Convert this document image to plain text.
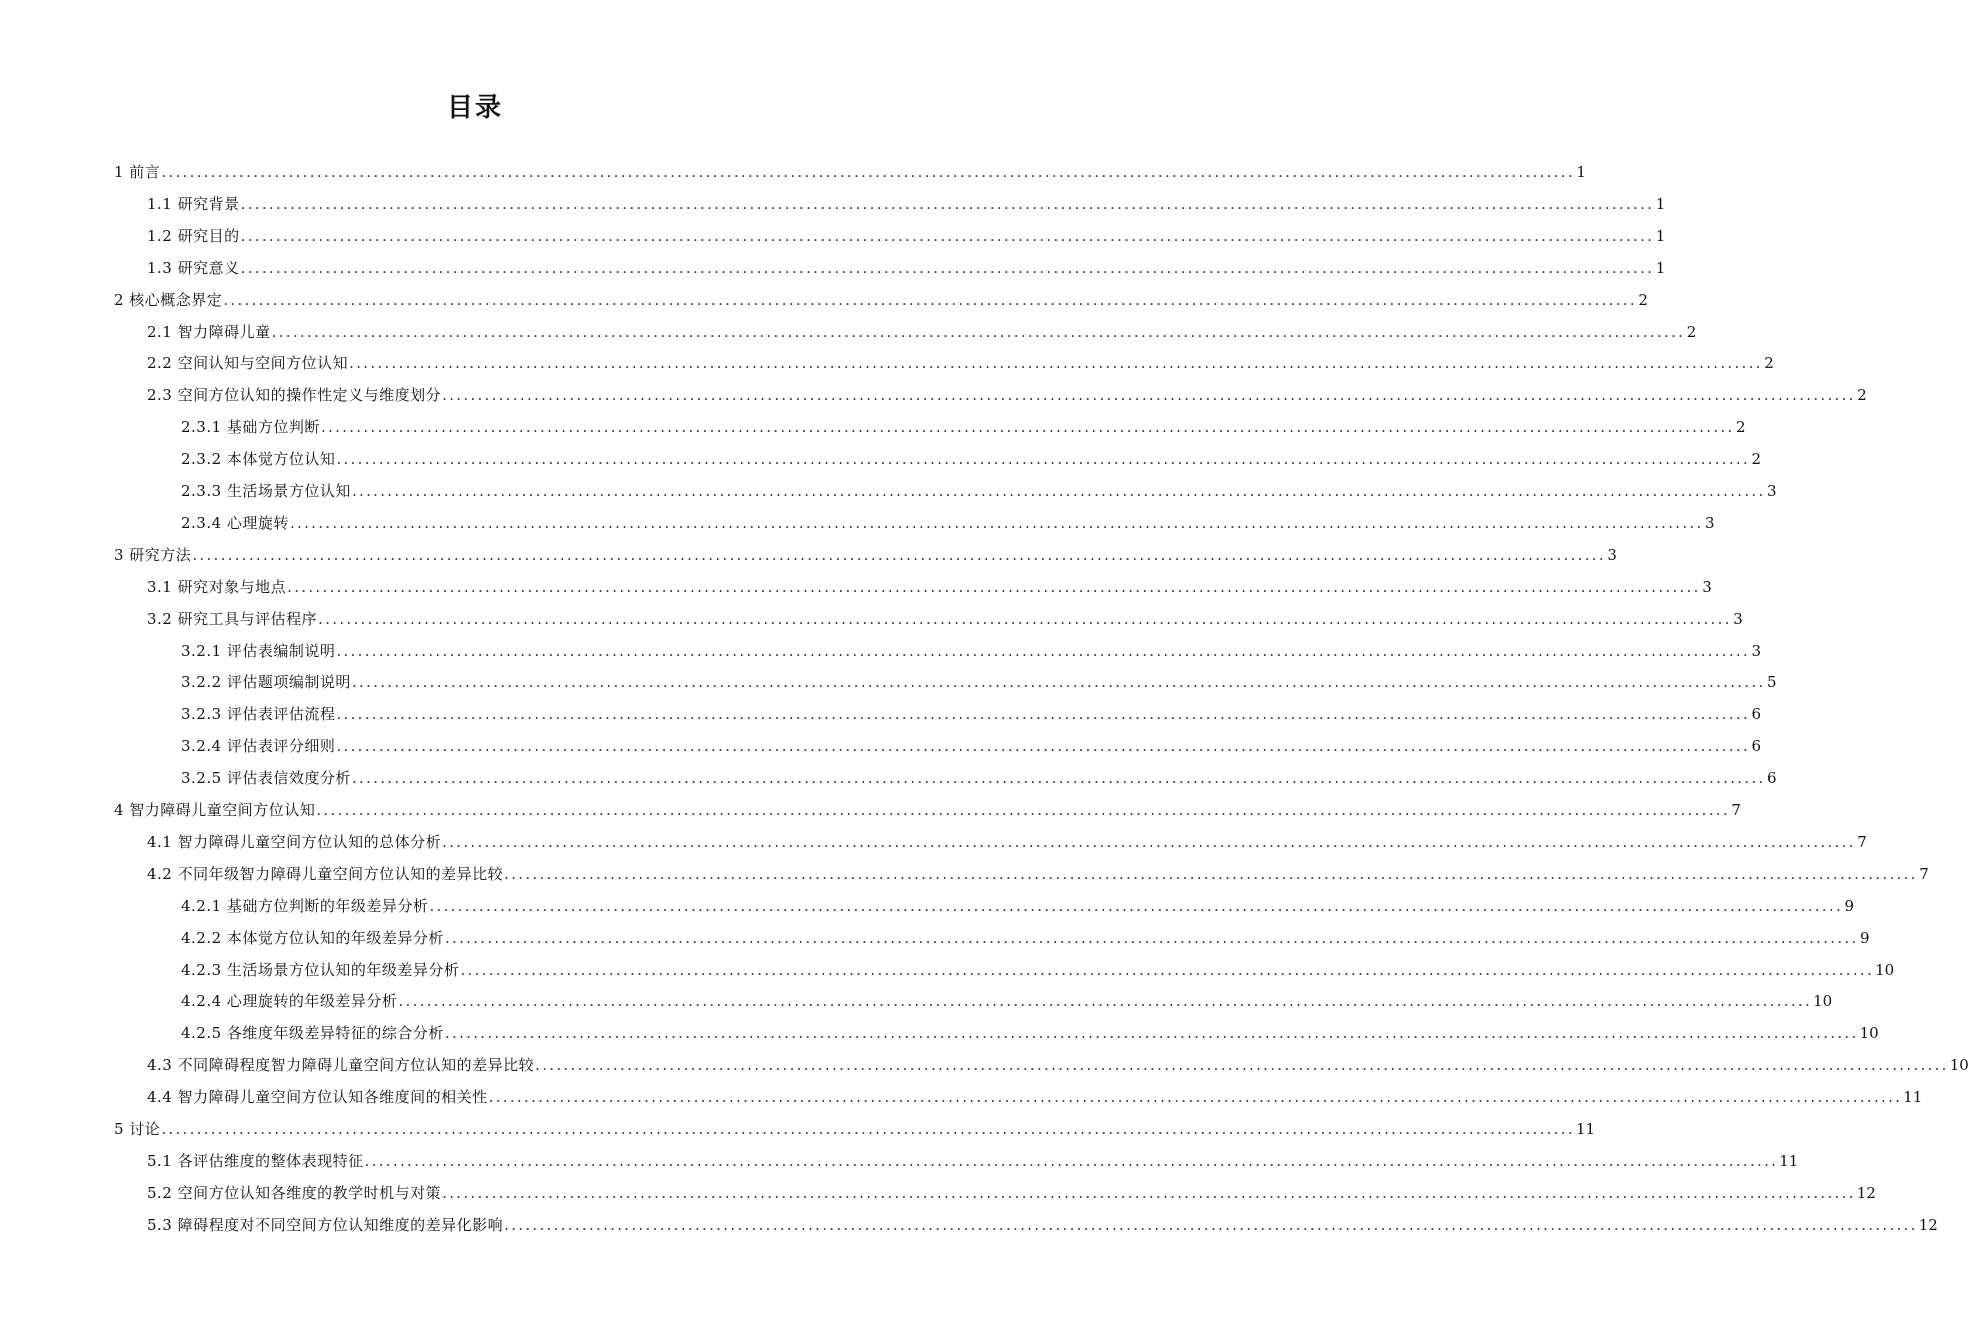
目录
1 前言 ........................................................................................................................................................................................................ 1
1.1 研究背景 ........................................................................................................................................................................................................ 1
1.2 研究目的 ........................................................................................................................................................................................................ 1
1.3 研究意义 ........................................................................................................................................................................................................ 1
2 核心概念界定 ........................................................................................................................................................................................................ 2
2.1 智力障碍儿童 ........................................................................................................................................................................................................ 2
2.2 空间认知与空间方位认知 ........................................................................................................................................................................................................ 2
2.3 空间方位认知的操作性定义与维度划分 ........................................................................................................................................................................................................ 2
2.3.1 基础方位判断 ........................................................................................................................................................................................................ 2
2.3.2 本体觉方位认知 ........................................................................................................................................................................................................ 2
2.3.3 生活场景方位认知 ........................................................................................................................................................................................................ 3
2.3.4 心理旋转 ........................................................................................................................................................................................................ 3
3 研究方法 ........................................................................................................................................................................................................ 3
3.1 研究对象与地点 ........................................................................................................................................................................................................ 3
3.2 研究工具与评估程序 ........................................................................................................................................................................................................ 3
3.2.1 评估表编制说明 ........................................................................................................................................................................................................ 3
3.2.2 评估题项编制说明 ........................................................................................................................................................................................................ 5
3.2.3 评估表评估流程 ........................................................................................................................................................................................................ 6
3.2.4 评估表评分细则 ........................................................................................................................................................................................................ 6
3.2.5 评估表信效度分析 ........................................................................................................................................................................................................ 6
4 智力障碍儿童空间方位认知 ........................................................................................................................................................................................................ 7
4.1 智力障碍儿童空间方位认知的总体分析 ........................................................................................................................................................................................................ 7
4.2 不同年级智力障碍儿童空间方位认知的差异比较 ........................................................................................................................................................................................................ 7
4.2.1 基础方位判断的年级差异分析 ........................................................................................................................................................................................................ 9
4.2.2 本体觉方位认知的年级差异分析 ........................................................................................................................................................................................................ 9
4.2.3 生活场景方位认知的年级差异分析 ........................................................................................................................................................................................................ 10
4.2.4 心理旋转的年级差异分析 ........................................................................................................................................................................................................ 10
4.2.5 各维度年级差异特征的综合分析 ........................................................................................................................................................................................................ 10
4.3 不同障碍程度智力障碍儿童空间方位认知的差异比较 ........................................................................................................................................................................................................ 10
4.4 智力障碍儿童空间方位认知各维度间的相关性 ........................................................................................................................................................................................................ 11
5 讨论 ........................................................................................................................................................................................................ 11
5.1 各评估维度的整体表现特征 ........................................................................................................................................................................................................ 11
5.2 空间方位认知各维度的教学时机与对策 ........................................................................................................................................................................................................ 12
5.3 障碍程度对不同空间方位认知维度的差异化影响 ........................................................................................................................................................................................................ 12
